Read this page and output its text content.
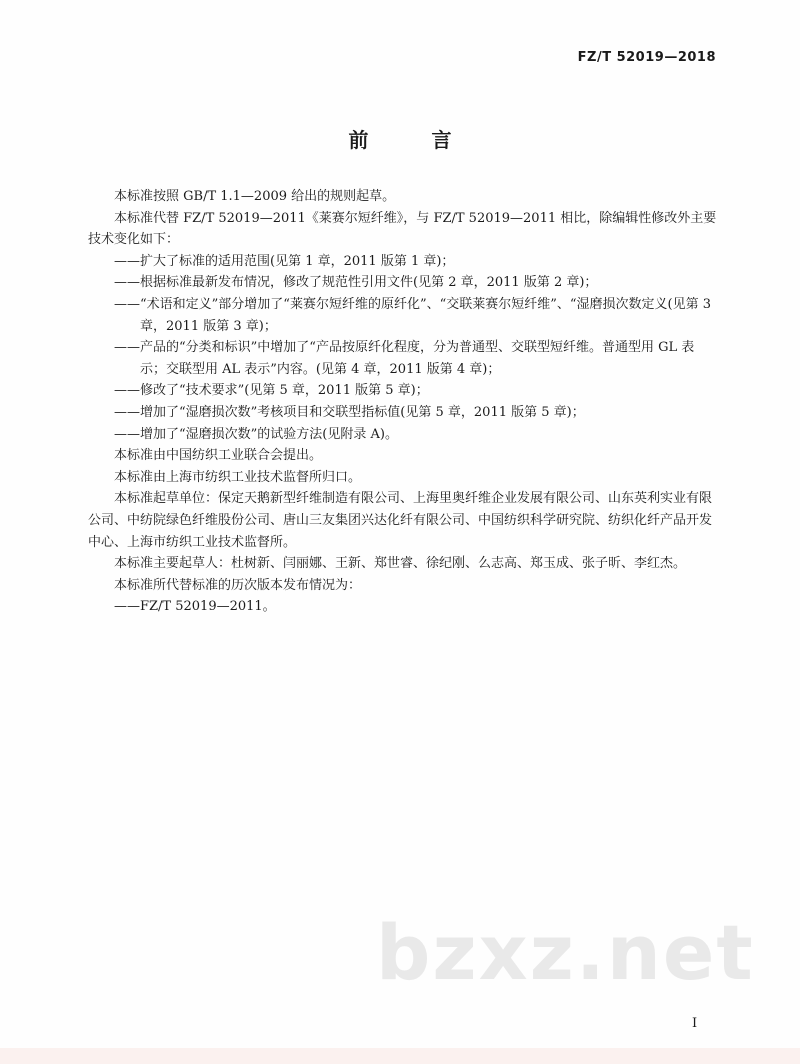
FZ/T 52019—2018
前 言

本标准按照 GB/T 1.1—2009 给出的规则起草。

本标准代替 FZ/T 52019—2011《莱赛尔短纤维》，与 FZ/T 52019—2011 相比，除编辑性修改外主要技术变化如下：

——扩大了标准的适用范围(见第 1 章，2011 版第 1 章)；

——根据标准最新发布情况，修改了规范性引用文件(见第 2 章，2011 版第 2 章)；

——“术语和定义”部分增加了“莱赛尔短纤维的原纤化”、“交联莱赛尔短纤维”、“湿磨损次数定义(见第 3 章，2011 版第 3 章)；

——产品的“分类和标识”中增加了“产品按原纤化程度，分为普通型、交联型短纤维。普通型用 GL 表示；交联型用 AL 表示”内容。(见第 4 章，2011 版第 4 章)；

——修改了“技术要求”(见第 5 章，2011 版第 5 章)；

——增加了“湿磨损次数”考核项目和交联型指标值(见第 5 章，2011 版第 5 章)；

——增加了“湿磨损次数”的试验方法(见附录 A)。

本标准由中国纺织工业联合会提出。

本标准由上海市纺织工业技术监督所归口。

本标准起草单位：保定天鹅新型纤维制造有限公司、上海里奥纤维企业发展有限公司、山东英利实业有限公司、中纺院绿色纤维股份公司、唐山三友集团兴达化纤有限公司、中国纺织科学研究院、纺织化纤产品开发中心、上海市纺织工业技术监督所。

本标准主要起草人：杜树新、闫丽娜、王新、郑世睿、徐纪刚、么志高、郑玉成、张子昕、李红杰。

本标准所代替标准的历次版本发布情况为：

——FZ/T 52019—2011。

bzxz.net
I
